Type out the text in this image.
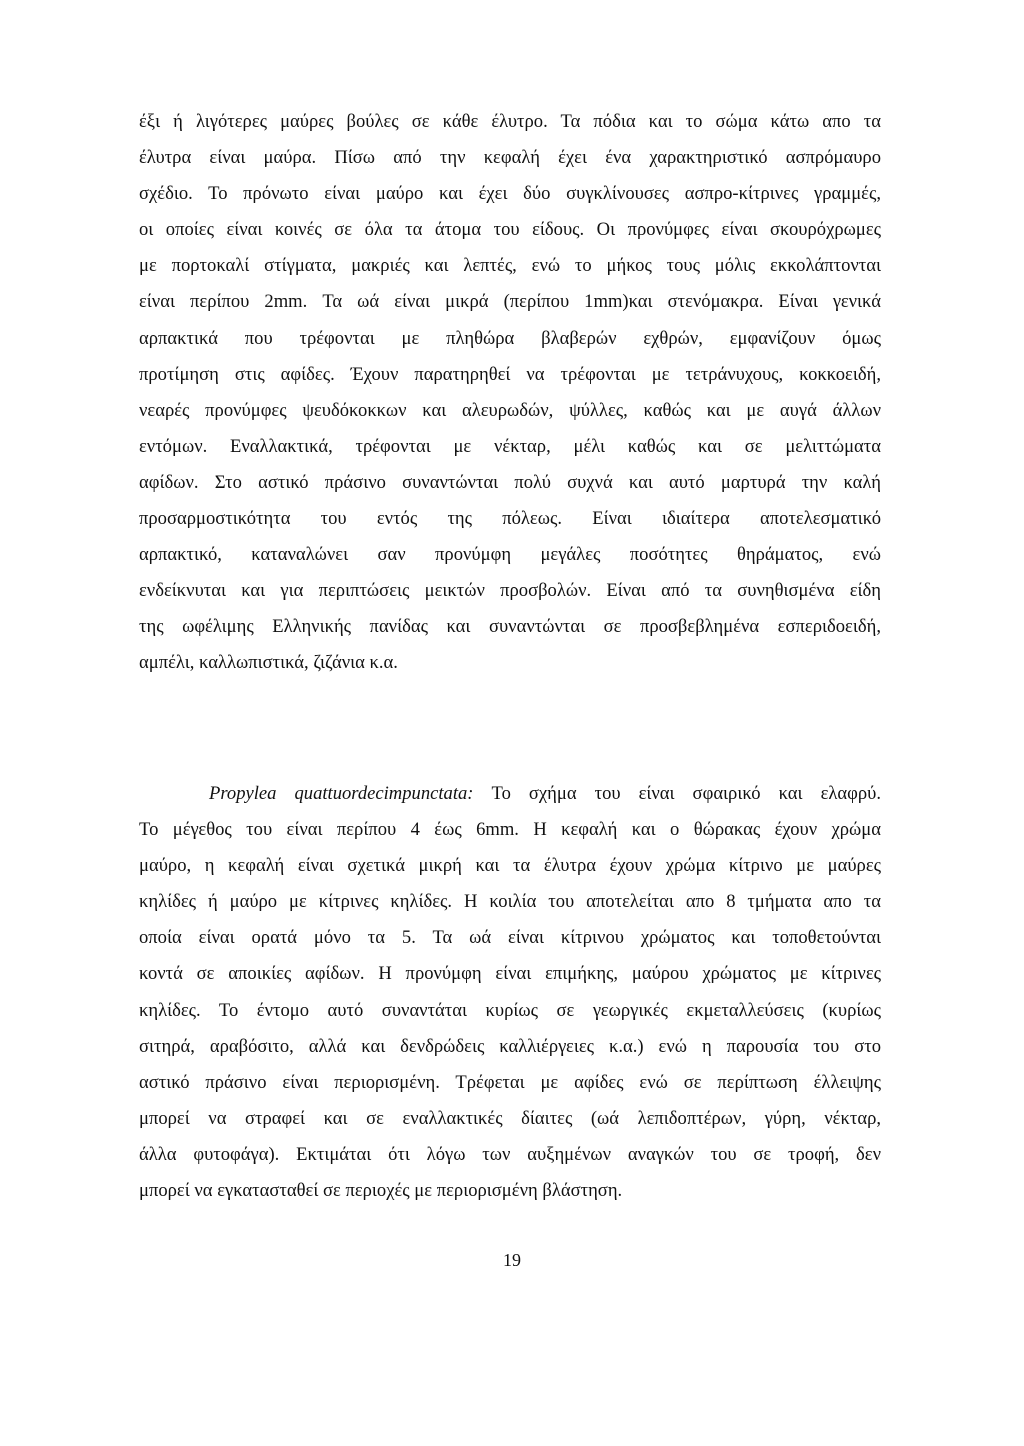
έξι ή λιγότερες μαύρες βούλες σε κάθε έλυτρο. Τα πόδια και το σώμα κάτω απο τα
έλυτρα είναι μαύρα. Πίσω από την κεφαλή έχει ένα χαρακτηριστικό ασπρόμαυρο
σχέδιο. Το πρόνωτο είναι μαύρο και έχει δύο συγκλίνουσες ασπρο-κίτρινες γραμμές,
οι οποίες είναι κοινές σε όλα τα άτομα του είδους. Οι προνύμφες είναι σκουρόχρωμες
με πορτοκαλί στίγματα, μακριές και λεπτές, ενώ το μήκος τους μόλις εκκολάπτονται
είναι περίπου 2mm. Τα ωά είναι μικρά (περίπου 1mm)και στενόμακρα. Είναι γενικά
αρπακτικά που τρέφονται με πληθώρα βλαβερών εχθρών, εμφανίζουν όμως
προτίμηση στις αφίδες. Έχουν παρατηρηθεί να τρέφονται με τετράνυχους, κοκκοειδή,
νεαρές προνύμφες ψευδόκοκκων και αλευρωδών, ψύλλες, καθώς και με αυγά άλλων
εντόμων. Εναλλακτικά, τρέφονται με νέκταρ, μέλι καθώς και σε μελιττώματα
αφίδων. Στο αστικό πράσινο συναντώνται πολύ συχνά και αυτό μαρτυρά την καλή
προσαρμοστικότητα του εντός της πόλεως. Είναι ιδιαίτερα αποτελεσματικό
αρπακτικό, καταναλώνει σαν προνύμφη μεγάλες ποσότητες θηράματος, ενώ
ενδείκνυται και για περιπτώσεις μεικτών προσβολών. Είναι από τα συνηθισμένα είδη
της ωφέλιμης Ελληνικής πανίδας και συναντώνται σε προσβεβλημένα εσπεριδοειδή,
αμπέλι, καλλωπιστικά, ζιζάνια κ.α.
Propylea quattuordecimpunctata: Το σχήμα του είναι σφαιρικό και ελαφρύ.
Το μέγεθος του είναι περίπου 4 έως 6mm. Η κεφαλή και ο θώρακας έχουν χρώμα
μαύρο, η κεφαλή είναι σχετικά μικρή και τα έλυτρα έχουν χρώμα κίτρινο με μαύρες
κηλίδες ή μαύρο με κίτρινες κηλίδες. Η κοιλία του αποτελείται απο 8 τμήματα απο τα
οποία είναι ορατά μόνο τα 5. Τα ωά είναι κίτρινου χρώματος και τοποθετούνται
κοντά σε αποικίες αφίδων. Η προνύμφη είναι επιμήκης, μαύρου χρώματος με κίτρινες
κηλίδες. Το έντομο αυτό συναντάται κυρίως σε γεωργικές εκμεταλλεύσεις (κυρίως
σιτηρά, αραβόσιτο, αλλά και δενδρώδεις καλλιέργειες κ.α.) ενώ η παρουσία του στο
αστικό πράσινο είναι περιορισμένη. Τρέφεται με αφίδες ενώ σε περίπτωση έλλειψης
μπορεί να στραφεί και σε εναλλακτικές δίαιτες (ωά λεπιδοπτέρων, γύρη, νέκταρ,
άλλα φυτοφάγα). Εκτιμάται ότι λόγω των αυξημένων αναγκών του σε τροφή, δεν
μπορεί να εγκατασταθεί σε περιοχές με περιορισμένη βλάστηση.
19
